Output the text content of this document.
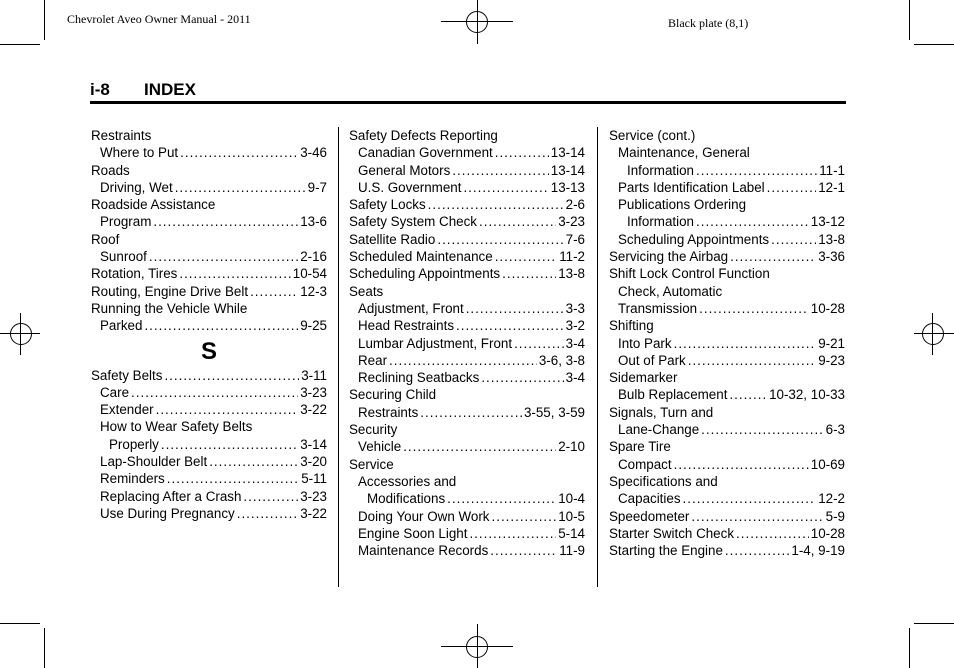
Chevrolet Aveo Owner Manual - 2011	Black plate (8,1)
i-8 INDEX
Restraints
Where to Put .....	3-46
Roads
Driving, Wet .....	9-7
Roadside Assistance
Program .....	13-6
Roof
Sunroof .....	2-16
Rotation, Tires .....	10-54
Routing, Engine Drive Belt .....	12-3
Running the Vehicle While
Parked .....	9-25
S
Safety Belts .....	3-11
Care .....	3-23
Extender .....	3-22
How to Wear Safety Belts
Properly .....	3-14
Lap-Shoulder Belt .....	3-20
Reminders .....	5-11
Replacing After a Crash .....	3-23
Use During Pregnancy .....	3-22
Safety Defects Reporting
Canadian Government .....	13-14
General Motors .....	13-14
U.S. Government .....	13-13
Safety Locks .....	2-6
Safety System Check .....	3-23
Satellite Radio .....	7-6
Scheduled Maintenance .....	11-2
Scheduling Appointments .....	13-8
Seats
Adjustment, Front .....	3-3
Head Restraints .....	3-2
Lumbar Adjustment, Front .....	3-4
Rear .....	3-6, 3-8
Reclining Seatbacks .....	3-4
Securing Child
Restraints .....	3-55, 3-59
Security
Vehicle .....	2-10
Service
Accessories and
Modifications .....	10-4
Doing Your Own Work .....	10-5
Engine Soon Light .....	5-14
Maintenance Records .....	11-9
Service (cont.)
Maintenance, General
Information .....	11-1
Parts Identification Label .....	12-1
Publications Ordering
Information .....	13-12
Scheduling Appointments .....	13-8
Servicing the Airbag .....	3-36
Shift Lock Control Function
Check, Automatic
Transmission .....	10-28
Shifting
Into Park .....	9-21
Out of Park .....	9-23
Sidemarker
Bulb Replacement .....	10-32, 10-33
Signals, Turn and
Lane-Change .....	6-3
Spare Tire
Compact .....	10-69
Specifications and
Capacities .....	12-2
Speedometer .....	5-9
Starter Switch Check .....	10-28
Starting the Engine .....	1-4, 9-19
